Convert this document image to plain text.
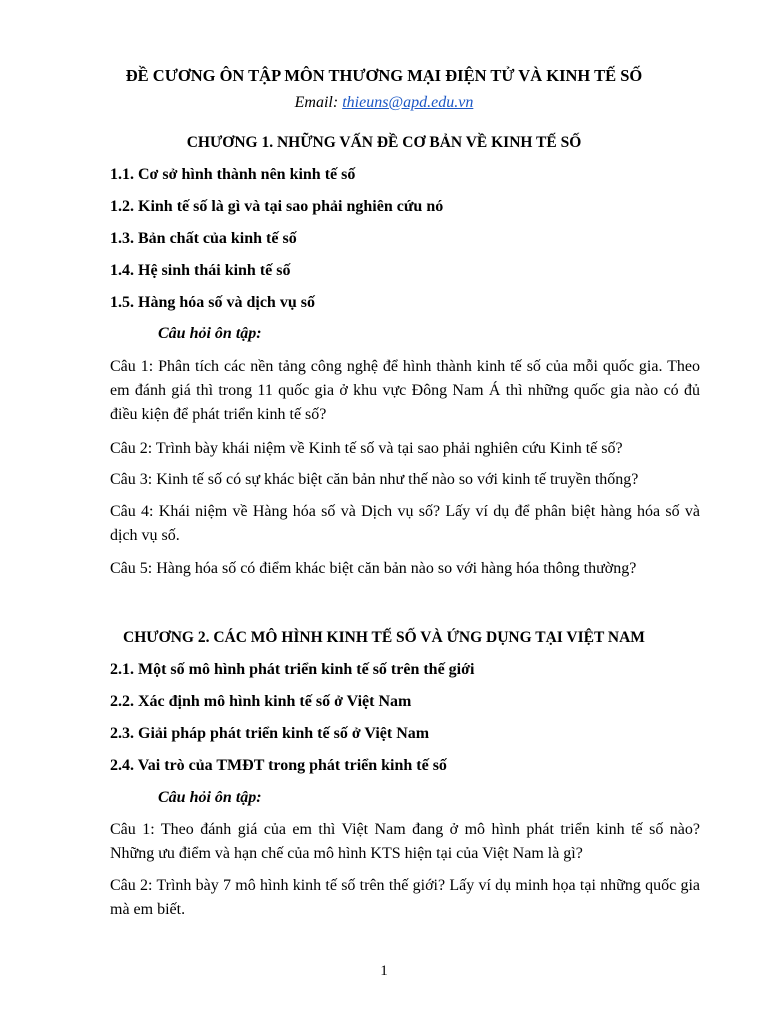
ĐỀ CƯƠNG ÔN TẬP MÔN THƯƠNG MẠI ĐIỆN TỬ VÀ KINH TẾ SỐ
Email: thieuns@apd.edu.vn
CHƯƠNG 1. NHỮNG VẤN ĐỀ CƠ BẢN VỀ KINH TẾ SỐ
1.1. Cơ sở hình thành nên kinh tế số
1.2. Kinh tế số là gì và tại sao phải nghiên cứu nó
1.3. Bản chất của kinh tế số
1.4. Hệ sinh thái kinh tế số
1.5. Hàng hóa số và dịch vụ số
Câu hỏi ôn tập:
Câu 1: Phân tích các nền tảng công nghệ để hình thành kinh tế số của mỗi quốc gia. Theo em đánh giá thì trong 11 quốc gia ở khu vực Đông Nam Á thì những quốc gia nào có đủ điều kiện để phát triển kinh tế số?
Câu 2: Trình bày khái niệm về Kinh tế số và tại sao phải nghiên cứu Kinh tế số?
Câu 3: Kinh tế số có sự khác biệt căn bản như thế nào so với kinh tế truyền thống?
Câu 4: Khái niệm về Hàng hóa số và Dịch vụ số? Lấy ví dụ để phân biệt hàng hóa số và dịch vụ số.
Câu 5: Hàng hóa số có điểm khác biệt căn bản nào so với hàng hóa thông thường?
CHƯƠNG 2. CÁC MÔ HÌNH KINH TẾ SỐ VÀ ỨNG DỤNG TẠI VIỆT NAM
2.1. Một số mô hình phát triển kinh tế số trên thế giới
2.2. Xác định mô hình kinh tế số ở Việt Nam
2.3. Giải pháp phát triển kinh tế số ở Việt Nam
2.4. Vai trò của TMĐT trong phát triển kinh tế số
Câu hỏi ôn tập:
Câu 1: Theo đánh giá của em thì Việt Nam đang ở mô hình phát triển kinh tế số nào? Những ưu điểm và hạn chế của mô hình KTS hiện tại của Việt Nam là gì?
Câu 2: Trình bày 7 mô hình kinh tế số trên thế giới? Lấy ví dụ minh họa tại những quốc gia mà em biết.
1
